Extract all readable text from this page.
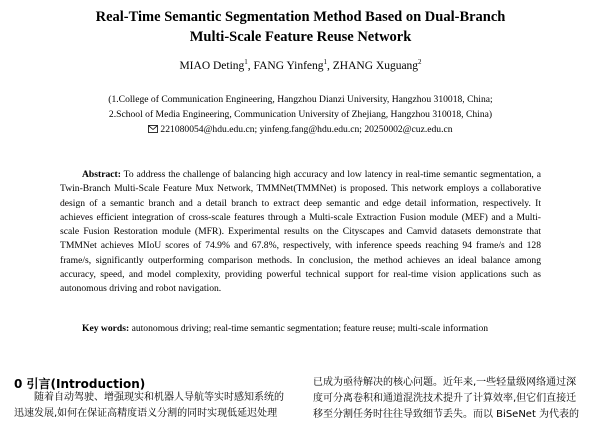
Real-Time Semantic Segmentation Method Based on Dual-Branch
Multi-Scale Feature Reuse Network
MIAO Deting$^1$, FANG Yinfeng$^1$, ZHANG Xuguang$^2$
(1.College of Communication Engineering, Hangzhou Dianzi University, Hangzhou 310018, China;
2.School of Media Engineering, Communication University of Zhejiang, Hangzhou 310018, China)
221080054@hdu.edu.cn; yinfeng.fang@hdu.edu.cn; 20250002@cuz.edu.cn
Abstract: To address the challenge of balancing high accuracy and low latency in real-time semantic segmentation, a Twin-Branch Multi-Scale Feature Mux Network, TMMNet(TMMNet) is proposed. This network employs a collaborative design of a semantic branch and a detail branch to extract deep semantic and edge detail information, respectively. It achieves efficient integration of cross-scale features through a Multi-scale Extraction Fusion module (MEF) and a Multi-scale Fusion Restoration module (MFR). Experimental results on the Cityscapes and Camvid datasets demonstrate that TMMNet achieves MIoU scores of 74.9% and 67.8%, respectively, with inference speeds reaching 94 frame/s and 128 frame/s, significantly outperforming comparison methods. In conclusion, the method achieves an ideal balance among accuracy, speed, and model complexity, providing powerful technical support for real-time vision applications such as autonomous driving and robot navigation.
Key words: autonomous driving; real-time semantic segmentation; feature reuse; multi-scale information
0 引言(Introduction)
随着自动驾驶、增强现实和机器人导航等实时感知系统的
迅速发展,如何在保证高精度语义分割的同时实现低延迟处理
已成为亟待解决的核心问题。近年来,一些轻量级网络通过深
度可分离卷积和通道混洗技术提升了计算效率,但它们直接迁
移至分割任务时往往导致细节丢失。而以 BiSeNet 为代表的
